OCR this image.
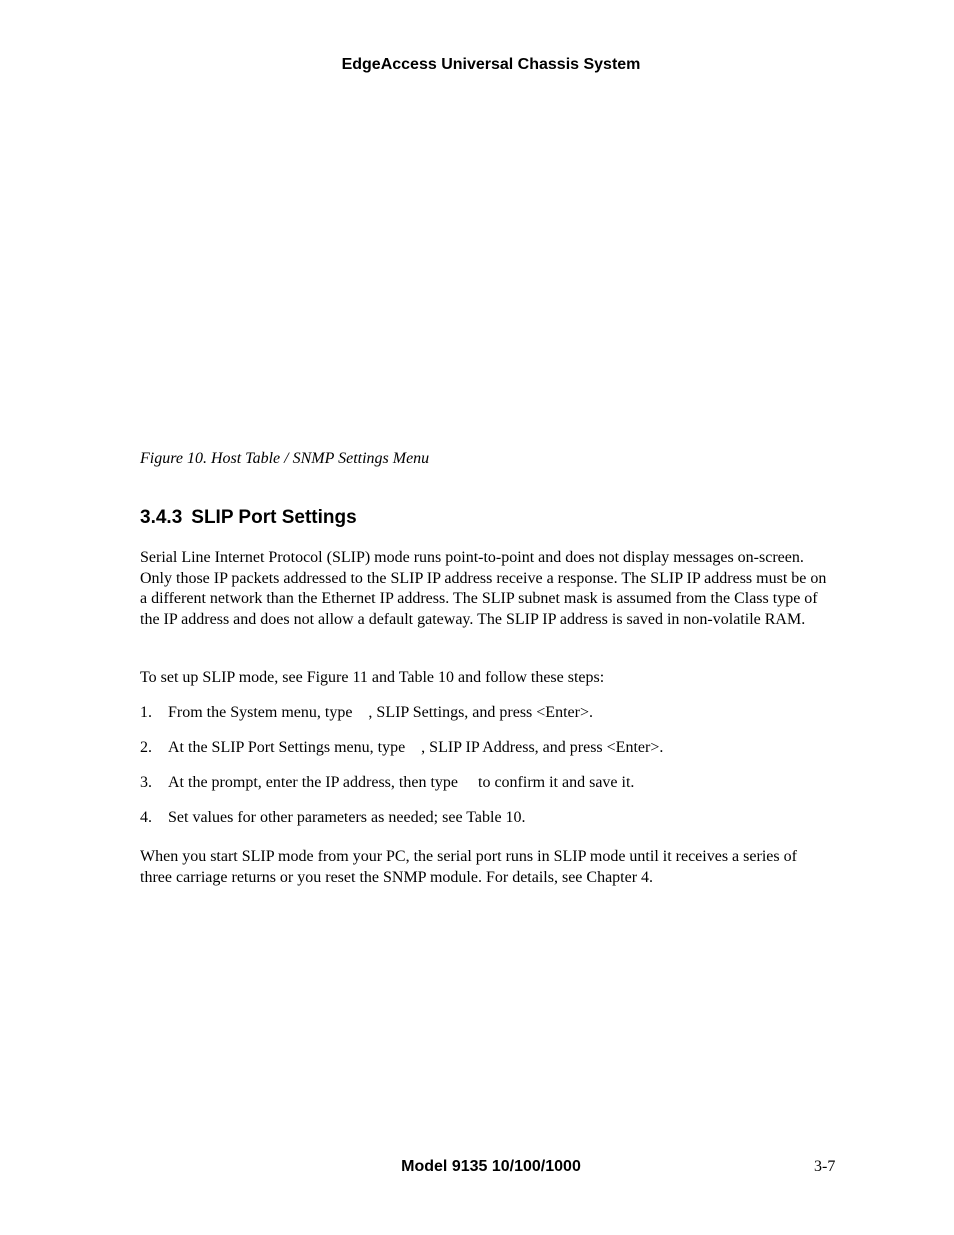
EdgeAccess Universal Chassis System
Figure 10. Host Table / SNMP Settings Menu
3.4.3 SLIP Port Settings

Serial Line Internet Protocol (SLIP) mode runs point-to-point and does not display messages on-screen. Only those IP packets addressed to the SLIP IP address receive a response. The SLIP IP address must be on a different network than the Ethernet IP address. The SLIP subnet mask is assumed from the Class type of the IP address and does not allow a default gateway. The SLIP IP address is saved in non-volatile RAM.

To set up SLIP mode, see Figure 11 and Table 10 and follow these steps:

1. From the System menu, type    , SLIP Settings, and press <Enter>.
2. At the SLIP Port Settings menu, type    , SLIP IP Address, and press <Enter>.
3. At the prompt, enter the IP address, then type     to confirm it and save it.
4. Set values for other parameters as needed; see Table 10.

When you start SLIP mode from your PC, the serial port runs in SLIP mode until it receives a series of three carriage returns or you reset the SNMP module. For details, see Chapter 4.

Model 9135 10/100/1000	3-7
